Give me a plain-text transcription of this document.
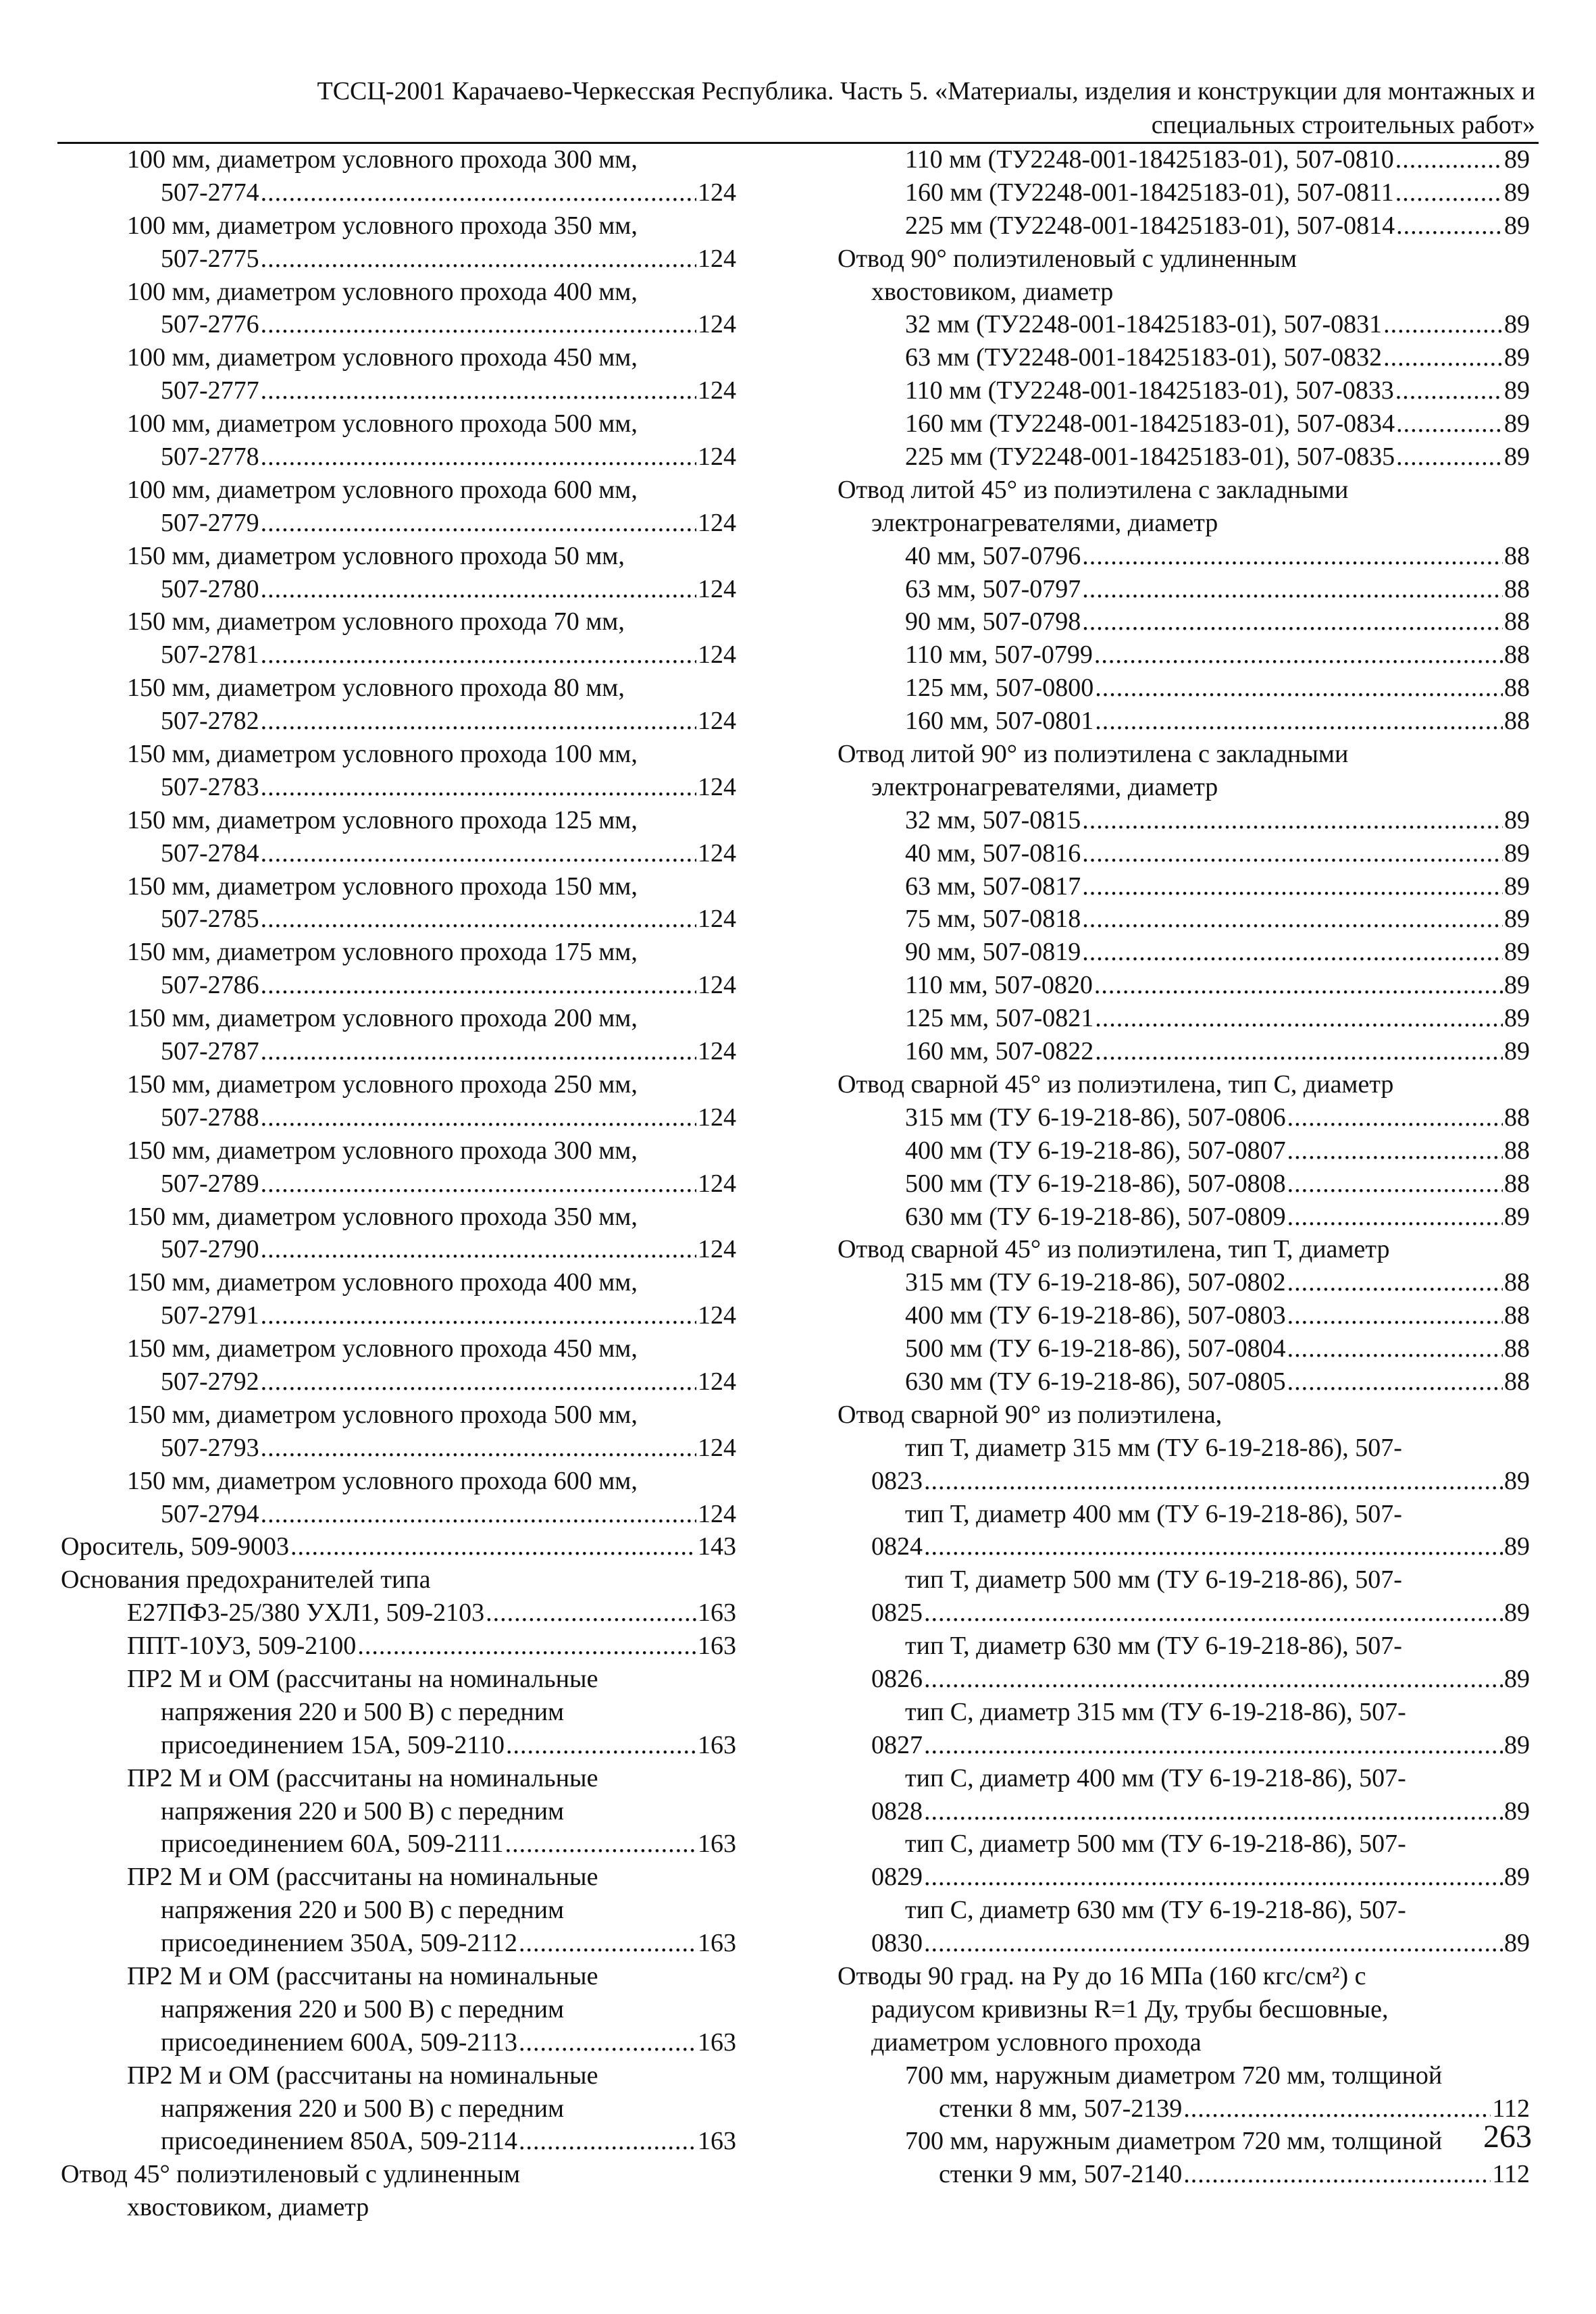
ТССЦ-2001 Карачаево-Черкесская Республика. Часть 5. «Материалы, изделия и конструкции для монтажных и
специальных строительных работ»
100 мм, диаметром условного прохода 300 мм,
507-2774 .....	124
100 мм, диаметром условного прохода 350 мм,
507-2775 .....	124
100 мм, диаметром условного прохода 400 мм,
507-2776 .....	124
100 мм, диаметром условного прохода 450 мм,
507-2777 .....	124
100 мм, диаметром условного прохода 500 мм,
507-2778 .....	124
100 мм, диаметром условного прохода 600 мм,
507-2779 .....	124
150 мм, диаметром условного прохода 50 мм,
507-2780 .....	124
150 мм, диаметром условного прохода 70 мм,
507-2781 .....	124
150 мм, диаметром условного прохода 80 мм,
507-2782 .....	124
150 мм, диаметром условного прохода 100 мм,
507-2783 .....	124
150 мм, диаметром условного прохода 125 мм,
507-2784 .....	124
150 мм, диаметром условного прохода 150 мм,
507-2785 .....	124
150 мм, диаметром условного прохода 175 мм,
507-2786 .....	124
150 мм, диаметром условного прохода 200 мм,
507-2787 .....	124
150 мм, диаметром условного прохода 250 мм,
507-2788 .....	124
150 мм, диаметром условного прохода 300 мм,
507-2789 .....	124
150 мм, диаметром условного прохода 350 мм,
507-2790 .....	124
150 мм, диаметром условного прохода 400 мм,
507-2791 .....	124
150 мм, диаметром условного прохода 450 мм,
507-2792 .....	124
150 мм, диаметром условного прохода 500 мм,
507-2793 .....	124
150 мм, диаметром условного прохода 600 мм,
507-2794 .....	124
Ороситель, 509-9003 .....	143
Основания предохранителей типа
Е27ПФ3-25/380 УХЛ1, 509-2103 .....	163
ППТ-10У3, 509-2100 .....	163
ПР2 М и ОМ (рассчитаны на номинальные
напряжения 220 и 500 В) с передним
присоединением 15А, 509-2110 .....	163
ПР2 М и ОМ (рассчитаны на номинальные
напряжения 220 и 500 В) с передним
присоединением 60А, 509-2111 .....	163
ПР2 М и ОМ (рассчитаны на номинальные
напряжения 220 и 500 В) с передним
присоединением 350А, 509-2112 .....	163
ПР2 М и ОМ (рассчитаны на номинальные
напряжения 220 и 500 В) с передним
присоединением 600А, 509-2113 .....	163
ПР2 М и ОМ (рассчитаны на номинальные
напряжения 220 и 500 В) с передним
присоединением 850А, 509-2114 .....	163
Отвод 45° полиэтиленовый с удлиненным
хвостовиком, диаметр
110 мм (ТУ2248-001-18425183-01), 507-0810 .....	89
160 мм (ТУ2248-001-18425183-01), 507-0811 .....	89
225 мм (ТУ2248-001-18425183-01), 507-0814 .....	89
Отвод 90° полиэтиленовый с удлиненным
хвостовиком, диаметр
32 мм (ТУ2248-001-18425183-01), 507-0831 .....	89
63 мм (ТУ2248-001-18425183-01), 507-0832 .....	89
110 мм (ТУ2248-001-18425183-01), 507-0833 .....	89
160 мм (ТУ2248-001-18425183-01), 507-0834 .....	89
225 мм (ТУ2248-001-18425183-01), 507-0835 .....	89
Отвод литой 45° из полиэтилена с закладными
электронагревателями, диаметр
40 мм, 507-0796 .....	88
63 мм, 507-0797 .....	88
90 мм, 507-0798 .....	88
110 мм, 507-0799 .....	88
125 мм, 507-0800 .....	88
160 мм, 507-0801 .....	88
Отвод литой 90° из полиэтилена с закладными
электронагревателями, диаметр
32 мм, 507-0815 .....	89
40 мм, 507-0816 .....	89
63 мм, 507-0817 .....	89
75 мм, 507-0818 .....	89
90 мм, 507-0819 .....	89
110 мм, 507-0820 .....	89
125 мм, 507-0821 .....	89
160 мм, 507-0822 .....	89
Отвод сварной 45° из полиэтилена, тип С, диаметр
315 мм (ТУ 6-19-218-86), 507-0806 .....	88
400 мм (ТУ 6-19-218-86), 507-0807 .....	88
500 мм (ТУ 6-19-218-86), 507-0808 .....	88
630 мм (ТУ 6-19-218-86), 507-0809 .....	89
Отвод сварной 45° из полиэтилена, тип Т, диаметр
315 мм (ТУ 6-19-218-86), 507-0802 .....	88
400 мм (ТУ 6-19-218-86), 507-0803 .....	88
500 мм (ТУ 6-19-218-86), 507-0804 .....	88
630 мм (ТУ 6-19-218-86), 507-0805 .....	88
Отвод сварной 90° из полиэтилена,
тип Т, диаметр 315 мм (ТУ 6-19-218-86), 507-
0823 .....	89
тип Т, диаметр 400 мм (ТУ 6-19-218-86), 507-
0824 .....	89
тип Т, диаметр 500 мм (ТУ 6-19-218-86), 507-
0825 .....	89
тип Т, диаметр 630 мм (ТУ 6-19-218-86), 507-
0826 .....	89
тип С, диаметр 315 мм (ТУ 6-19-218-86), 507-
0827 .....	89
тип С, диаметр 400 мм (ТУ 6-19-218-86), 507-
0828 .....	89
тип С, диаметр 500 мм (ТУ 6-19-218-86), 507-
0829 .....	89
тип С, диаметр 630 мм (ТУ 6-19-218-86), 507-
0830 .....	89
Отводы 90 град. на Ру до 16 МПа (160 кгс/см²) с
радиусом кривизны R=1 Ду, трубы бесшовные,
диаметром условного прохода
700 мм, наружным диаметром 720 мм, толщиной
стенки 8 мм, 507-2139 .....	112
700 мм, наружным диаметром 720 мм, толщиной
стенки 9 мм, 507-2140 .....	112
263
